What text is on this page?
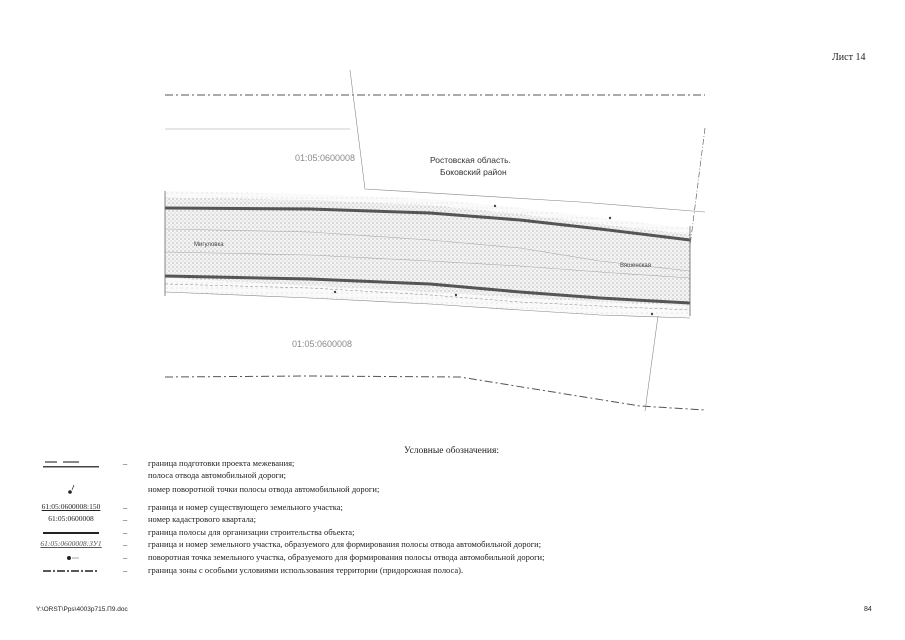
Лист 14
01:05:0600008	Ростовская область.
Боковский район
Мигуловка
Вяшенская
01:05:0600008
Условные обозначения:
– граница подготовки проекта межевания;
полоса отвода автомобильной дороги;
номер поворотной точки полосы отвода автомобильной дороги;
61:05:0600008:150	– граница и номер существующего земельного участка;
61:05:0600008	– номер кадастрового квартала;
– граница полосы для организации строительства объекта;
61:05:0600008:ЗУ1	– граница и номер земельного участка, образуемого для формирования полосы отвода автомобильной дороги;
– поворотная точка земельного участка, образуемого для формирования полосы отвода автомобильной дороги;
– граница зоны с особыми условиями использования территории (придорожная полоса).
Y:\ORST\Pps\4003p715.П9.doc	84
